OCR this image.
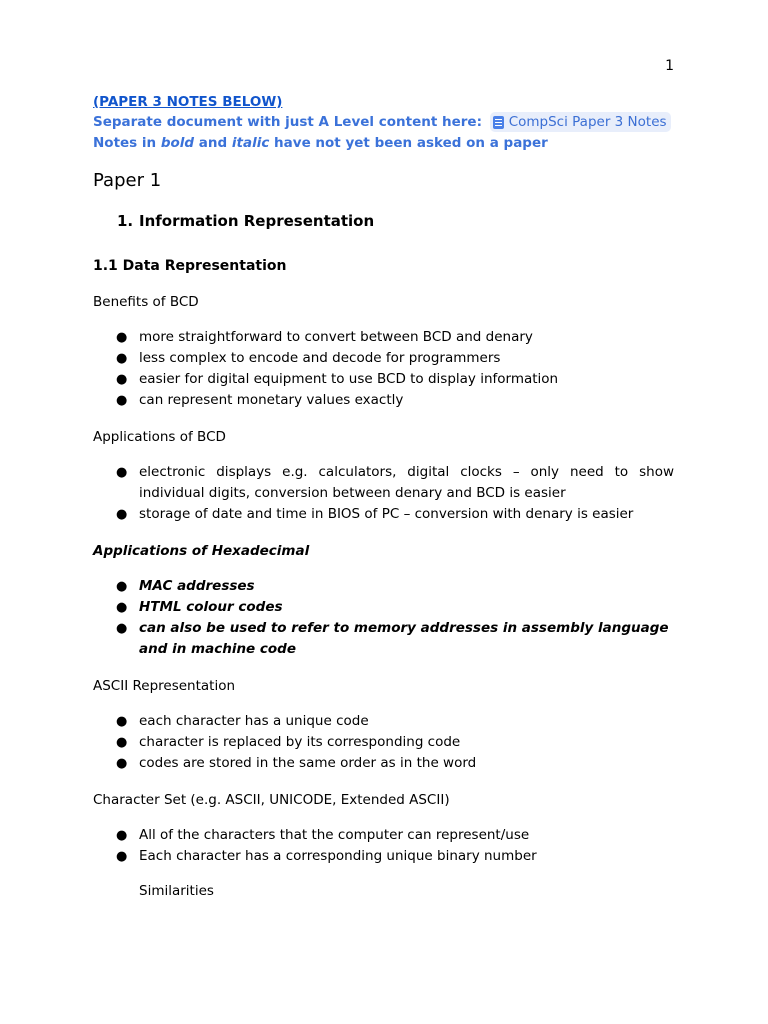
1
(PAPER 3 NOTES BELOW)
Separate document with just A Level content here: CompSci Paper 3 Notes
Notes in bold and italic have not yet been asked on a paper
Paper 1
1. Information Representation
1.1 Data Representation
Benefits of BCD
● more straightforward to convert between BCD and denary
● less complex to encode and decode for programmers
● easier for digital equipment to use BCD to display information
● can represent monetary values exactly
Applications of BCD
● electronic displays e.g. calculators, digital clocks – only need to show individual digits, conversion between denary and BCD is easier
● storage of date and time in BIOS of PC – conversion with denary is easier
Applications of Hexadecimal
● MAC addresses
● HTML colour codes
● can also be used to refer to memory addresses in assembly language and in machine code
ASCII Representation
● each character has a unique code
● character is replaced by its corresponding code
● codes are stored in the same order as in the word
Character Set (e.g. ASCII, UNICODE, Extended ASCII)
● All of the characters that the computer can represent/use
● Each character has a corresponding unique binary number
Similarities
